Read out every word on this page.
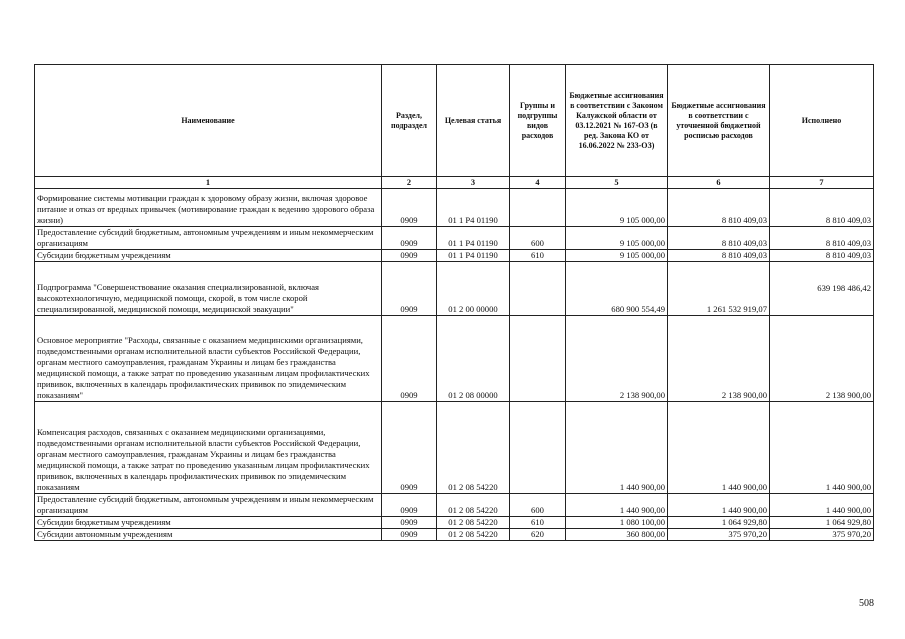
Наименование	Раздел, подраздел	Целевая статья	Группы и подгруппы видов расходов	Бюджетные ассигнования в соответствии с Законом Калужской области от 03.12.2021 № 167-ОЗ (в ред. Закона КО от 16.06.2022 № 233-ОЗ)	Бюджетные ассигнования в соответствии с уточненной бюджетной росписью расходов	Исполнено
1	2	3	4	5	6	7
Формирование системы мотивации граждан к здоровому образу жизни, включая здоровое питание и отказ от вредных привычек (мотивирование граждан к ведению здорового образа жизни)	0909	01 1 Р4 01190		9 105 000,00	8 810 409,03	8 810 409,03
Предоставление субсидий бюджетным, автономным учреждениям и иным некоммерческим организациям	0909	01 1 Р4 01190	600	9 105 000,00	8 810 409,03	8 810 409,03
Субсидии бюджетным учреждениям	0909	01 1 Р4 01190	610	9 105 000,00	8 810 409,03	8 810 409,03
Подпрограмма "Совершенствование оказания специализированной, включая высокотехнологичную, медицинской помощи, скорой, в том числе скорой специализированной, медицинской помощи, медицинской эвакуации"	0909	01 2 00 00000		680 900 554,49	1 261 532 919,07	639 198 486,42
Основное мероприятие "Расходы, связанные с оказанием медицинскими организациями, подведомственными органам исполнительной власти субъектов Российской Федерации, органам местного самоуправления, гражданам Украины и лицам без гражданства медицинской помощи, а также затрат по проведению указанным лицам профилактических прививок, включенных в календарь профилактических прививок по эпидемическим показаниям"	0909	01 2 08 00000		2 138 900,00	2 138 900,00	2 138 900,00
Компенсация расходов, связанных с оказанием медицинскими организациями, подведомственными органам исполнительной власти субъектов Российской Федерации, органам местного самоуправления, гражданам Украины и лицам без гражданства медицинской помощи, а также затрат по проведению указанным лицам профилактических прививок, включенных в календарь профилактических прививок по эпидемическим показаниям	0909	01 2 08 54220		1 440 900,00	1 440 900,00	1 440 900,00
Предоставление субсидий бюджетным, автономным учреждениям и иным некоммерческим организациям	0909	01 2 08 54220	600	1 440 900,00	1 440 900,00	1 440 900,00
Субсидии бюджетным учреждениям	0909	01 2 08 54220	610	1 080 100,00	1 064 929,80	1 064 929,80
Субсидии автономным учреждениям	0909	01 2 08 54220	620	360 800,00	375 970,20	375 970,20
508
